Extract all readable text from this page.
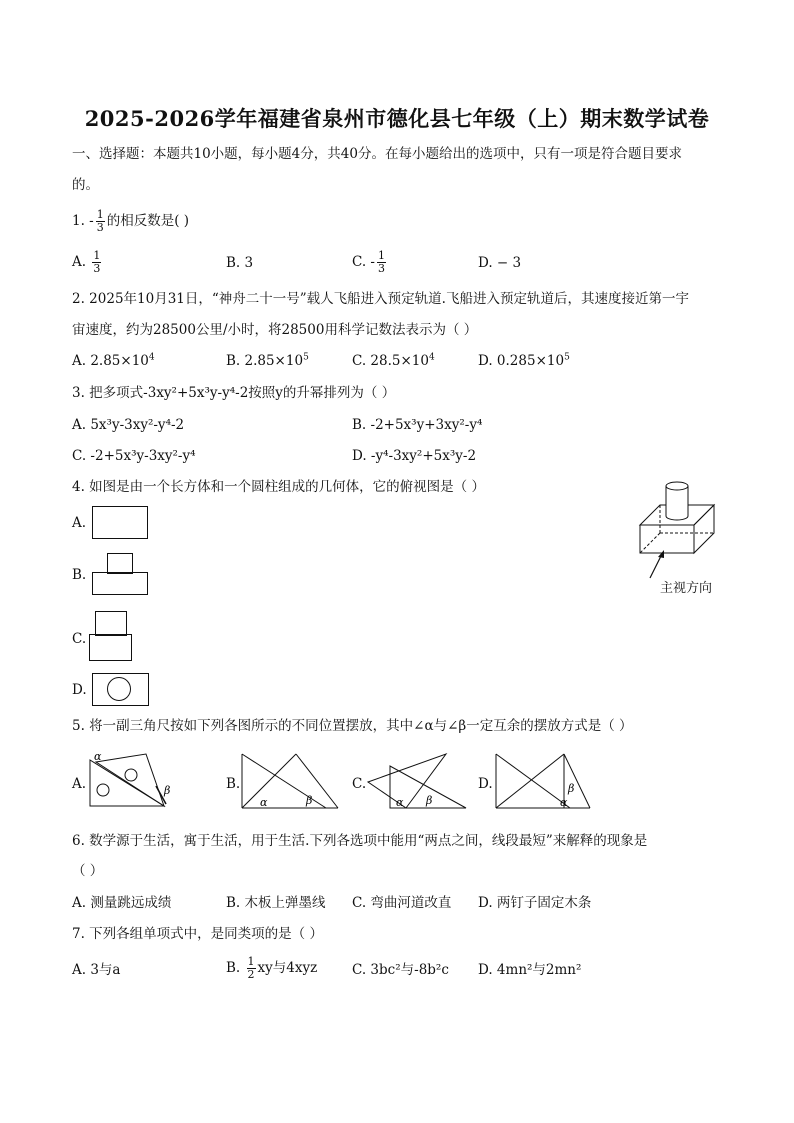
2025-2026学年福建省泉州市德化县七年级（上）期末数学试卷
一、选择题：本题共10小题，每小题4分，共40分。在每小题给出的选项中，只有一项是符合题目要求
的。
1. - $\frac{1}{3}$ 的相反数是( )
A. $\frac{1}{3}$	B. 3	C. - $\frac{1}{3}$	D. − 3
2. 2025年10月31日，“神舟二十一号”载人飞船进入预定轨道.飞船进入预定轨道后，其速度接近第一宇
宙速度，约为28500公里/小时，将28500用科学记数法表示为（ ）
A. $2.85\times 10^4$	B. $2.85\times 10^5$	C. $28.5\times 10^4$	D. $0.285\times 10^5$
3. 把多项式-3xy²+5x³y-y⁴-2按照y的升幂排列为（ ）
A. 5x³y-3xy²-y⁴-2	B. -2+5x³y+3xy²-y⁴
C. -2+5x³y-3xy²-y⁴	D. -y⁴-3xy²+5x³y-2
4. 如图是由一个长方体和一个圆柱组成的几何体，它的俯视图是（ ）
A.
B.
C.
D.
主视方向
5. 将一副三角尺按如下列各图所示的不同位置摆放，其中∠α与∠β一定互余的摆放方式是（ ）
A.
α
β	B.
α	β
C.
α β
D.
α
β
6. 数学源于生活，寓于生活，用于生活.下列各选项中能用“两点之间，线段最短”来解释的现象是
（ ）
A. 测量跳远成绩	B. 木板上弹墨线 C. 弯曲河道改直 D. 两钉子固定木条
7. 下列各组单项式中，是同类项的是（ ）
A. 3与a	B. $\frac{1}{2}$ xy与4xyz	C. 3bc²与-8b²c D. 4mn²与2mn²
